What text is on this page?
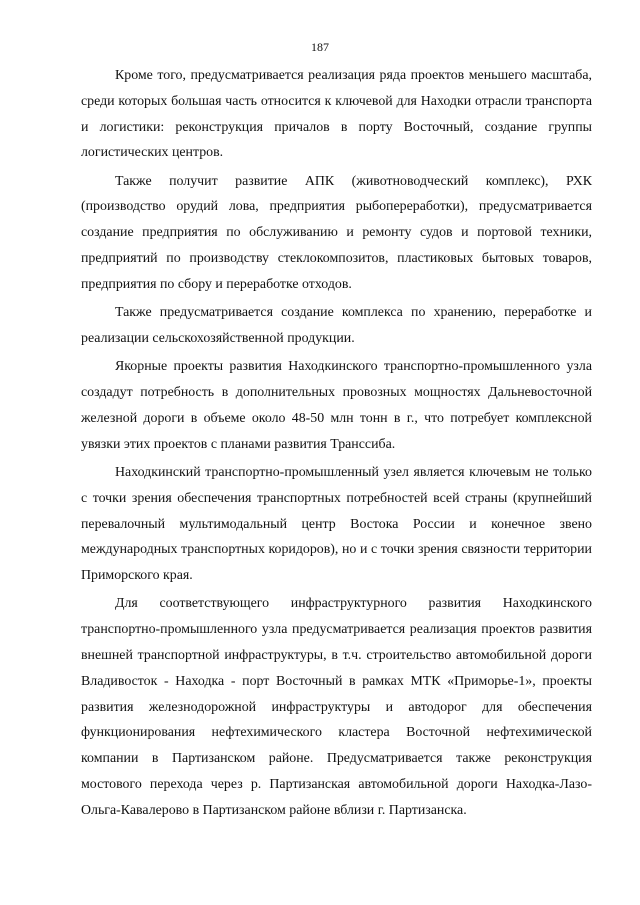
187

Кроме того, предусматривается реализация ряда проектов меньшего масштаба, среди которых большая часть относится к ключевой для Находки отрасли транспорта и логистики: реконструкция причалов в порту Восточный, создание группы логистических центров.

Также получит развитие АПК (животноводческий комплекс), РХК (производство орудий лова, предприятия рыбопереработки), предусматривается создание предприятия по обслуживанию и ремонту судов и портовой техники, предприятий по производству стеклокомпозитов, пластиковых бытовых товаров, предприятия по сбору и переработке отходов.

Также предусматривается создание комплекса по хранению, переработке и реализации сельскохозяйственной продукции.

Якорные проекты развития Находкинского транспортно-промышленного узла создадут потребность в дополнительных провозных мощностях Дальневосточной железной дороги в объеме около 48-50 млн тонн в г., что потребует комплексной увязки этих проектов с планами развития Транссиба.

Находкинский транспортно-промышленный узел является ключевым не только с точки зрения обеспечения транспортных потребностей всей страны (крупнейший перевалочный мультимодальный центр Востока России и конечное звено международных транспортных коридоров), но и с точки зрения связности территории Приморского края.

Для соответствующего инфраструктурного развития Находкинского транспортно-промышленного узла предусматривается реализация проектов развития внешней транспортной инфраструктуры, в т.ч. строительство автомобильной дороги Владивосток - Находка - порт Восточный в рамках МТК «Приморье-1», проекты развития железнодорожной инфраструктуры и автодорог для обеспечения функционирования нефтехимического кластера Восточной нефтехимической компании в Партизанском районе. Предусматривается также реконструкция мостового перехода через р. Партизанская автомобильной дороги Находка-Лазо-Ольга-Кавалерово в Партизанском районе вблизи г. Партизанска.
